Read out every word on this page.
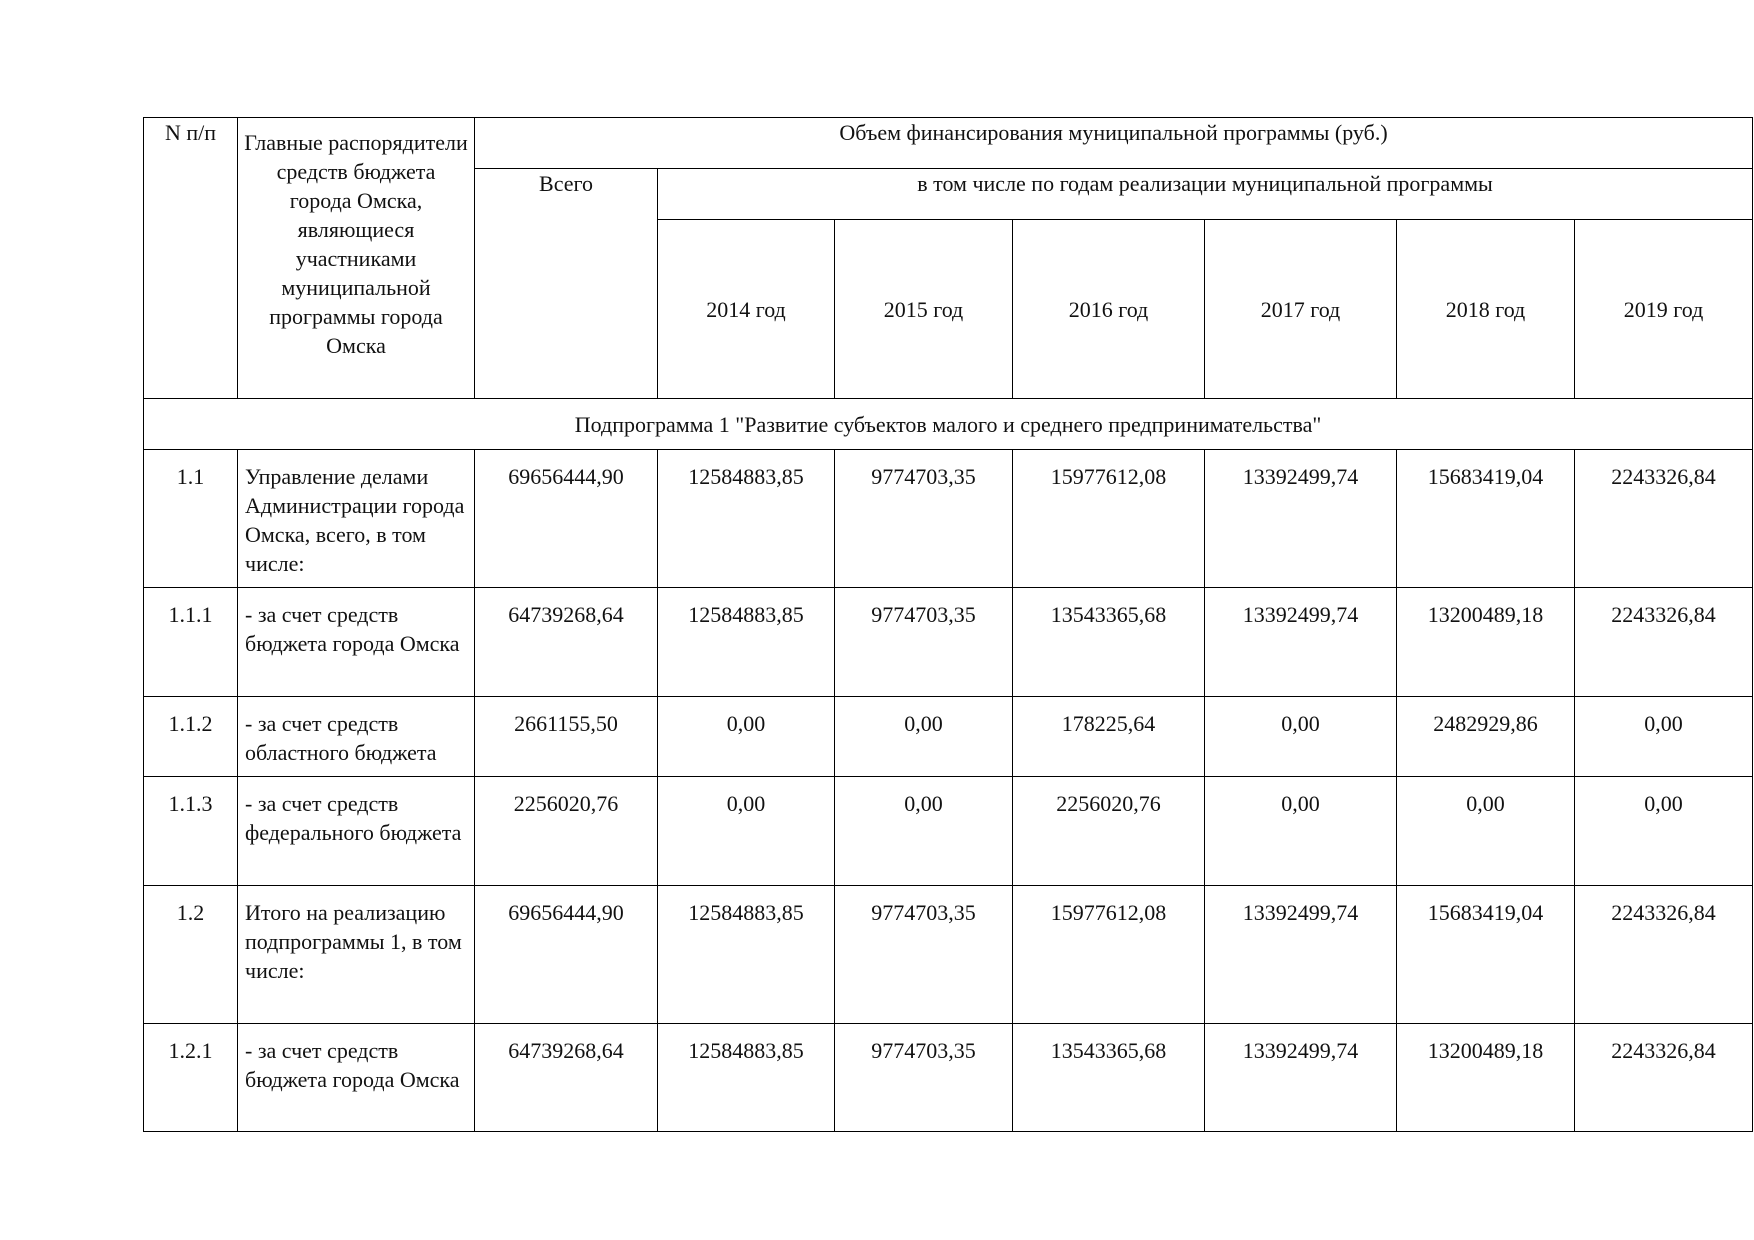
N п/п	Главные распорядители средств бюджета города Омска, являющиеся участниками муниципальной программы города Омска	Объем финансирования муниципальной программы (руб.)						
		Всего	в том числе по годам реализации муниципальной программы					
			2014 год	2015 год	2016 год	2017 год	2018 год	2019 год
Подпрограмма 1 "Развитие субъектов малого и среднего предпринимательства"								
1.1	Управление делами Администрации города Омска, всего, в том числе:	69656444,90	12584883,85	9774703,35	15977612,08	13392499,74	15683419,04	2243326,84
1.1.1	- за счет средств бюджета города Омска	64739268,64	12584883,85	9774703,35	13543365,68	13392499,74	13200489,18	2243326,84
1.1.2	- за счет средств областного бюджета	2661155,50	0,00	0,00	178225,64	0,00	2482929,86	0,00
1.1.3	- за счет средств федерального бюджета	2256020,76	0,00	0,00	2256020,76	0,00	0,00	0,00
1.2	Итого на реализацию подпрограммы 1, в том числе:	69656444,90	12584883,85	9774703,35	15977612,08	13392499,74	15683419,04	2243326,84
1.2.1	- за счет средств бюджета города Омска	64739268,64	12584883,85	9774703,35	13543365,68	13392499,74	13200489,18	2243326,84
